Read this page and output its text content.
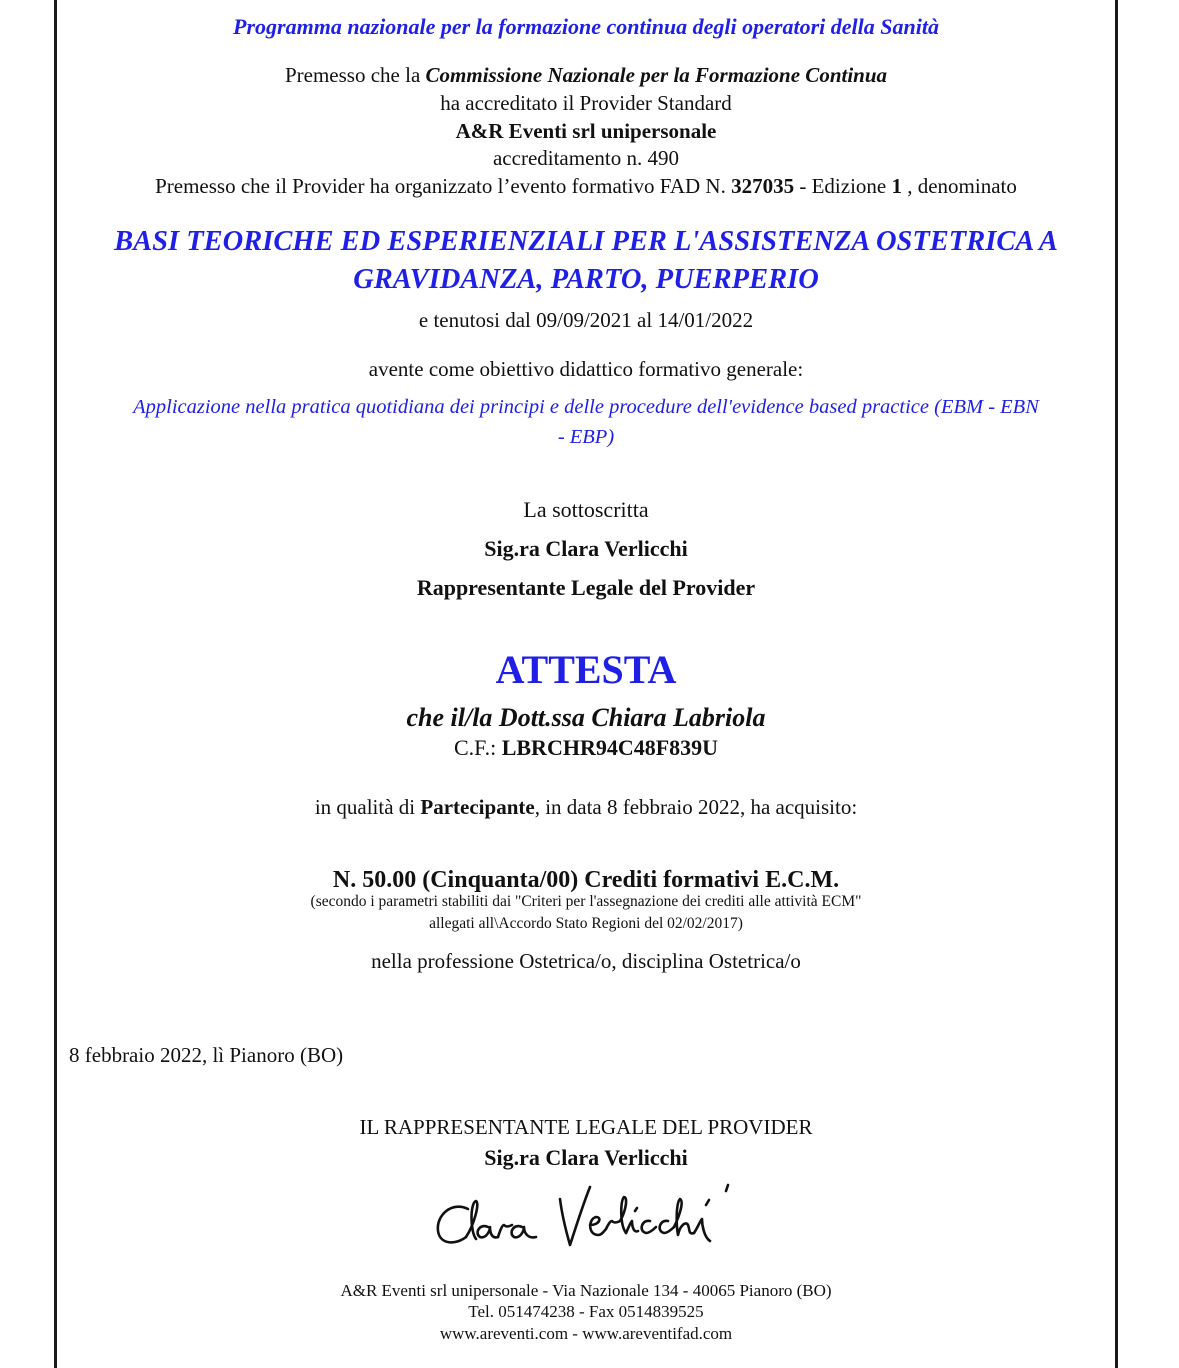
Programma nazionale per la formazione continua degli operatori della Sanità
Premesso che la Commissione Nazionale per la Formazione Continua
ha accreditato il Provider Standard
A&R Eventi srl unipersonale
accreditamento n. 490
Premesso che il Provider ha organizzato l’evento formativo FAD N. 327035 - Edizione 1 , denominato
BASI TEORICHE ED ESPERIENZIALI PER L'ASSISTENZA OSTETRICA A
GRAVIDANZA, PARTO, PUERPERIO
e tenutosi dal 09/09/2021 al 14/01/2022
avente come obiettivo didattico formativo generale:
Applicazione nella pratica quotidiana dei principi e delle procedure dell'evidence based practice (EBM - EBN
- EBP)
La sottoscritta
Sig.ra Clara Verlicchi
Rappresentante Legale del Provider
ATTESTA
che il/la Dott.ssa Chiara Labriola
C.F.: LBRCHR94C48F839U
in qualità di Partecipante, in data 8 febbraio 2022, ha acquisito:
N. 50.00 (Cinquanta/00) Crediti formativi E.C.M.
(secondo i parametri stabiliti dai "Criteri per l'assegnazione dei crediti alle attività ECM"
allegati all\Accordo Stato Regioni del 02/02/2017)
nella professione Ostetrica/o, disciplina Ostetrica/o
8 febbraio 2022, lì Pianoro (BO)
IL RAPPRESENTANTE LEGALE DEL PROVIDER
Sig.ra Clara Verlicchi
A&R Eventi srl unipersonale - Via Nazionale 134 - 40065 Pianoro (BO)
Tel. 051474238 - Fax 0514839525
www.areventi.com - www.areventifad.com
